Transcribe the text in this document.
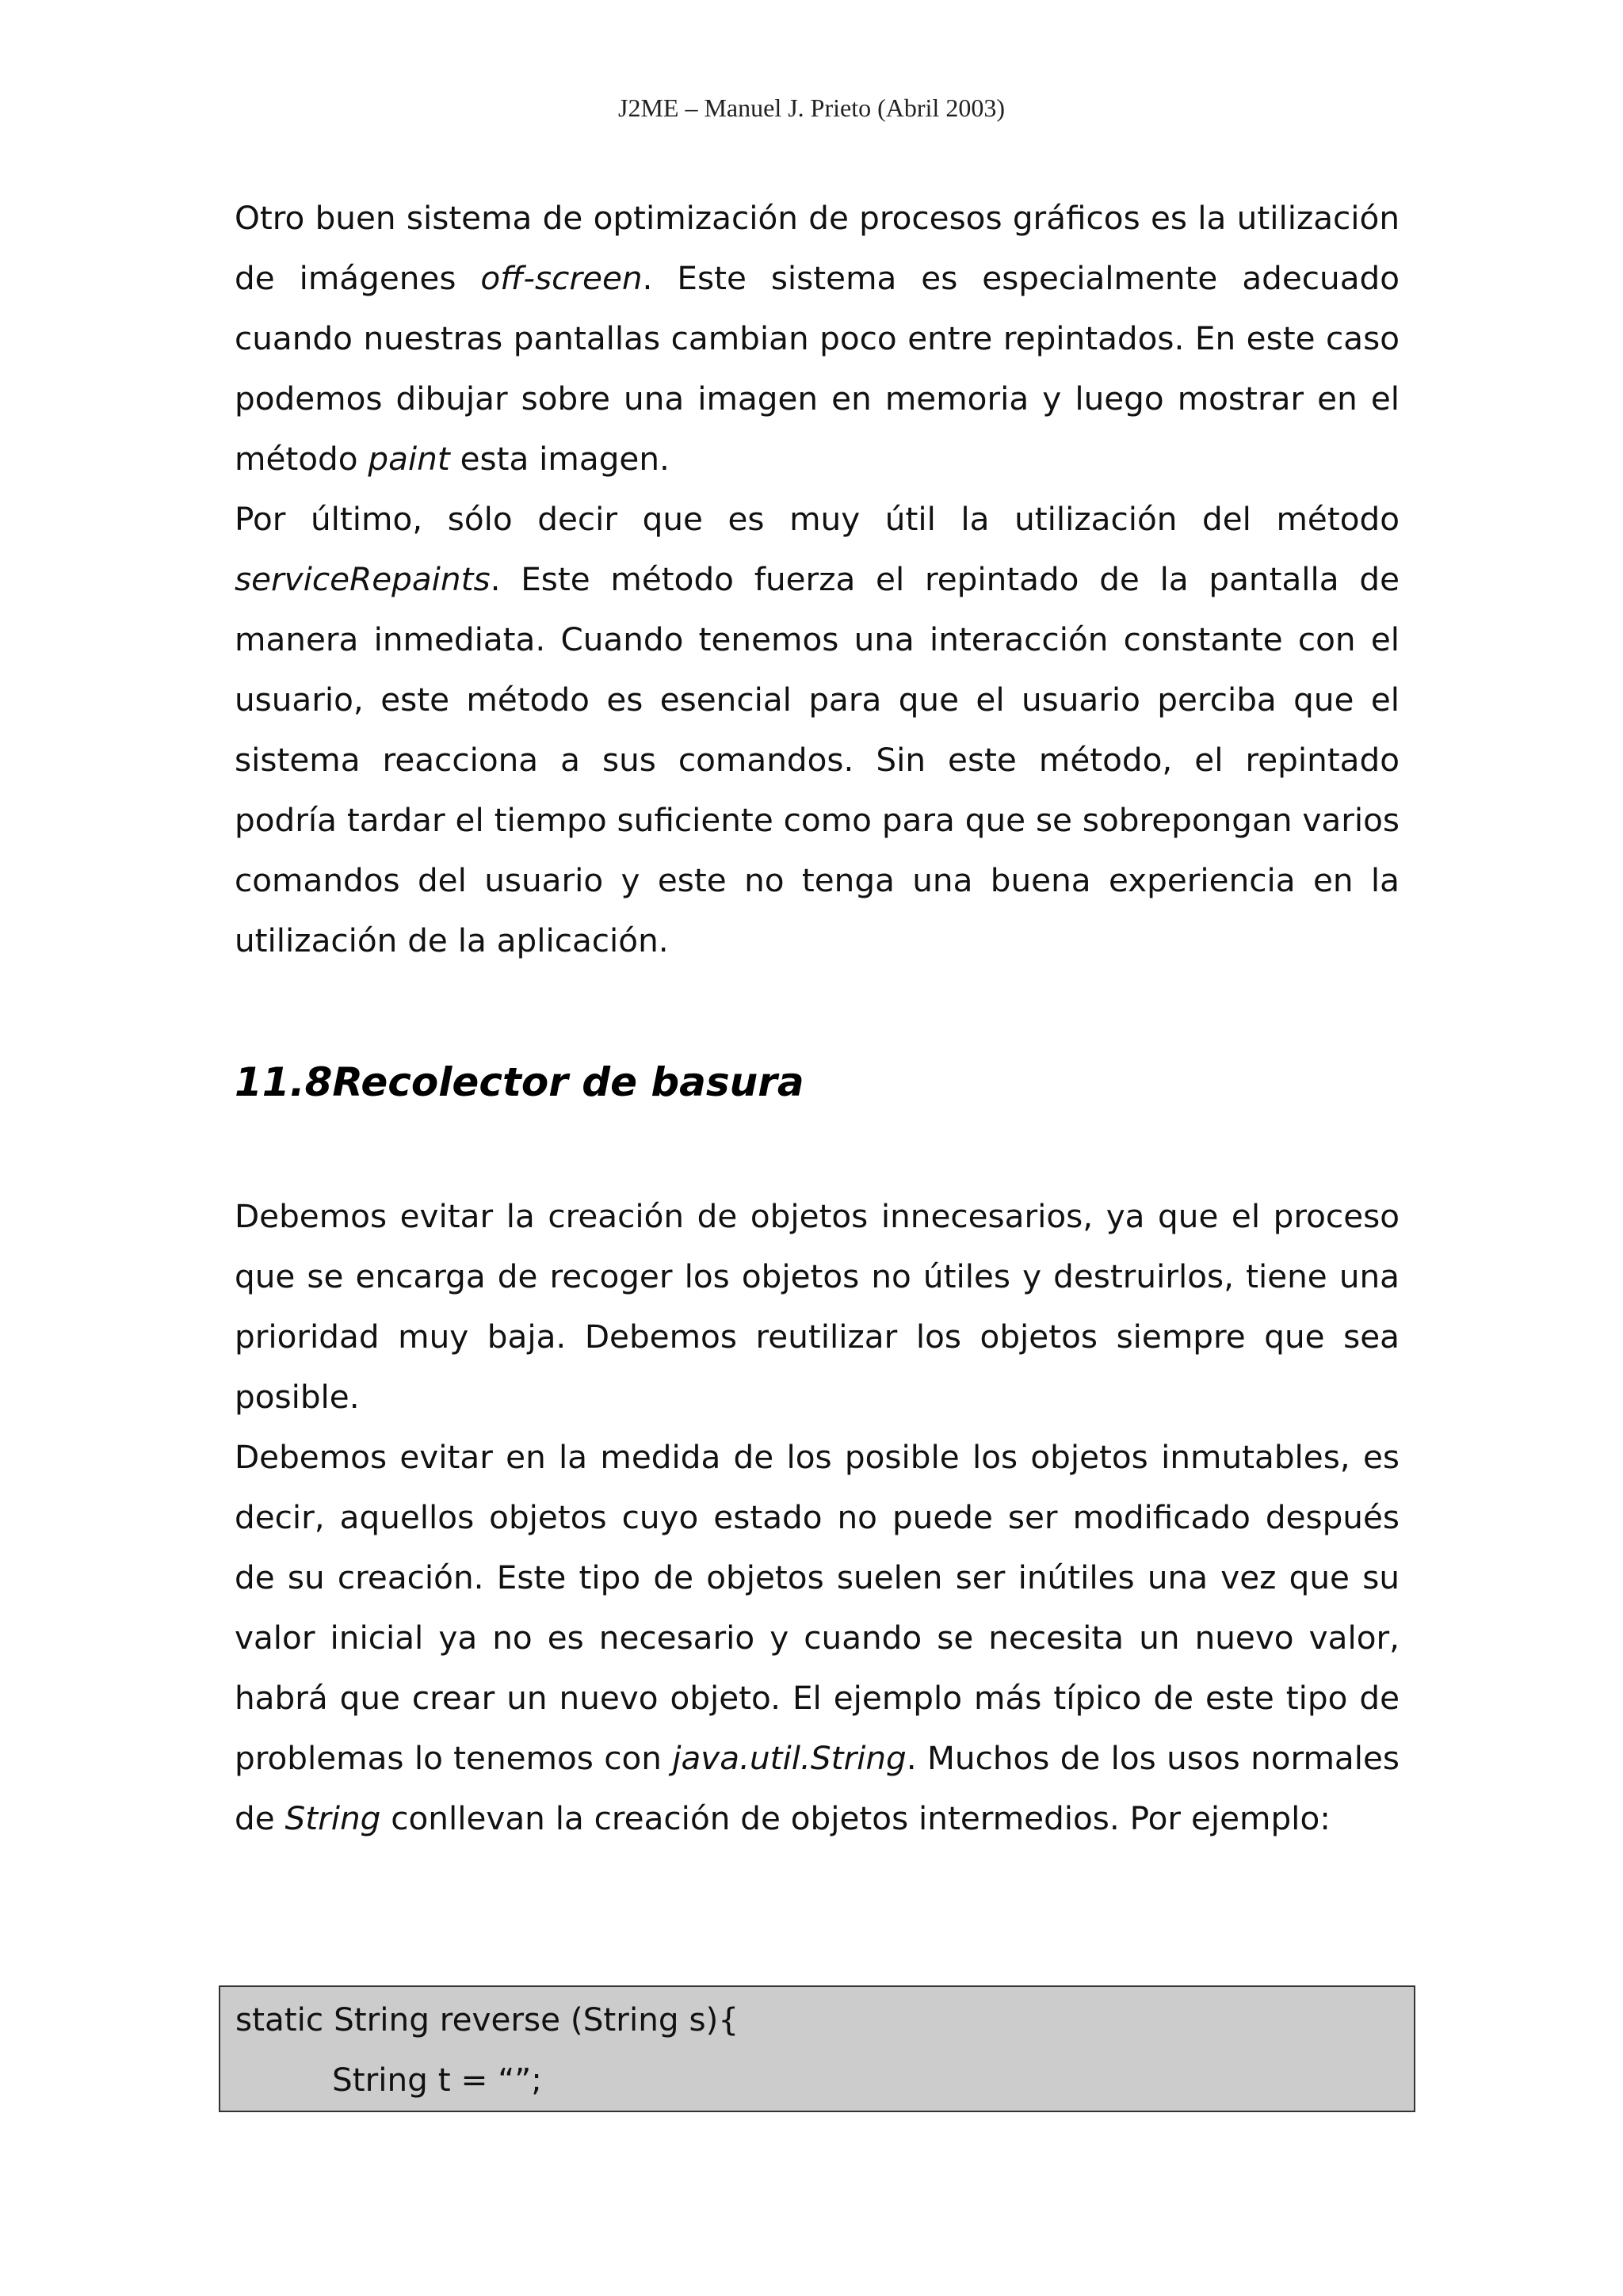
J2ME – Manuel J. Prieto (Abril 2003)

Otro buen sistema de optimización de procesos gráficos es la utilización de imágenes off-screen. Este sistema es especialmente adecuado cuando nuestras pantallas cambian poco entre repintados. En este caso podemos dibujar sobre una imagen en memoria y luego mostrar en el método paint esta imagen.

Por último, sólo decir que es muy útil la utilización del método serviceRepaints. Este método fuerza el repintado de la pantalla de manera inmediata. Cuando tenemos una interacción constante con el usuario, este método es esencial para que el usuario perciba que el sistema reacciona a sus comandos. Sin este método, el repintado podría tardar el tiempo suficiente como para que se sobrepongan varios comandos del usuario y este no tenga una buena experiencia en la utilización de la aplicación.

11.8Recolector de basura

Debemos evitar la creación de objetos innecesarios, ya que el proceso que se encarga de recoger los objetos no útiles y destruirlos, tiene una prioridad muy baja. Debemos reutilizar los objetos siempre que sea posible.

Debemos evitar en la medida de los posible los objetos inmutables, es decir, aquellos objetos cuyo estado no puede ser modificado después de su creación. Este tipo de objetos suelen ser inútiles una vez que su valor inicial ya no es necesario y cuando se necesita un nuevo valor, habrá que crear un nuevo objeto. El ejemplo más típico de este tipo de problemas lo tenemos con java.util.String. Muchos de los usos normales de String conllevan la creación de objetos intermedios. Por ejemplo:

static String reverse (String s){
String t = “”;
